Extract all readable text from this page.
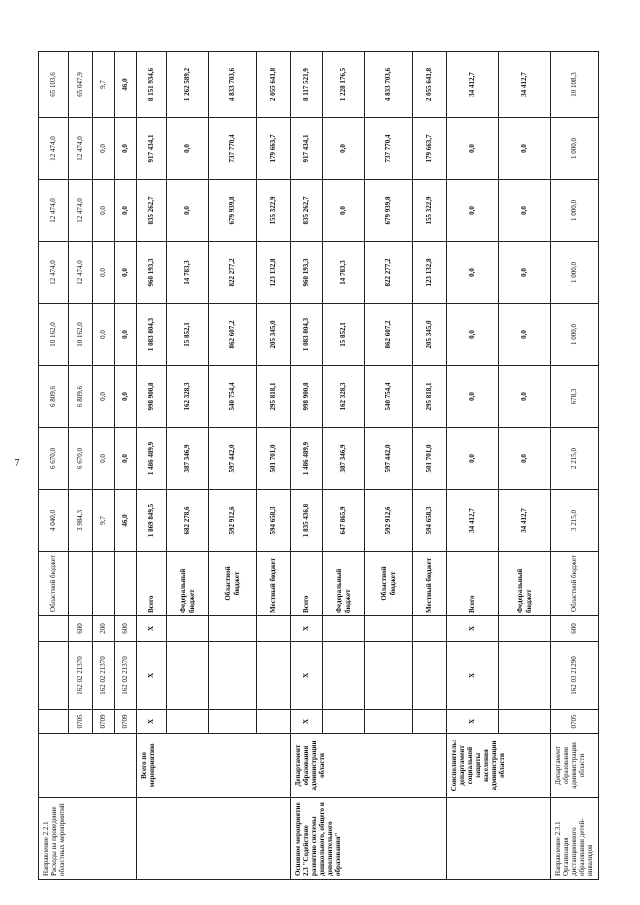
7
Направление 2.2.1 Расходы на проведение областных мероприятий					Областной бюджет	4 040,0	6 670,0	6 809,6	10 162,0	12 474,0	12 474,0	12 474,0	65 103,6
		0705	162 02 21370	600		3 984,3	6 670,0	6 809,6	10 162,0	12 474,0	12 474,0	12 474,0	65 047,9
		0709	162 02 21370	200		9,7	0,0	0,0	0,0	0,0	0,0	0,0	9,7
		0709	162 02 21370	600		46,0	0,0	0,0	0,0	0,0	0,0	0,0	46,0
	Всего по мероприятию	X	X	X	Всего	1 869 849,5	1 486 489,9	998 900,8	1 083 804,3	960 193,3	835 262,7	917 434,1	8 151 934,6
					Федеральный бюджет	682 278,6	387 346,9	162 328,3	15 852,1	14 783,3	0,0	0,0	1 262 589,2
					Областной бюджет	592 912,6	597 442,0	540 754,4	862 607,2	822 277,2	679 939,8	737 770,4	4 833 703,6
					Местный бюджет	594 658,3	501 701,0	295 818,1	205 345,0	123 132,8	155 322,9	179 663,7	2 055 641,8
Основное мероприятие 2.3 "Содействие развитию системы дошкольного, общего и дополнительного образования"	Департамент образования администрации области	X	X	X	Всего	1 835 436,8	1 486 489,9	998 900,8	1 083 804,3	960 193,3	835 262,7	917 434,1	8 117 521,9
					Федеральный бюджет	647 865,9	387 346,9	162 328,3	15 852,1	14 783,3	0,0	0,0	1 228 176,5
					Областной бюджет	592 912,6	597 442,0	540 754,4	862 607,2	822 277,2	679 939,8	737 770,4	4 833 703,6
					Местный бюджет	594 658,3	501 701,0	295 818,1	205 345,0	123 132,8	155 322,9	179 663,7	2 055 641,8
	Соисполнитель: департамент социальной защиты населения администрации области	X	X	X	Всего	34 412,7	0,0	0,0	0,0	0,0	0,0	0,0	34 412,7
					Федеральный бюджет	34 412,7	0,0	0,0	0,0	0,0	0,0	0,0	34 412,7
Направление 2.3.1 Организация дистанционного образования детей-инвалидов	Департамент образования администрации области	0705	162 03 21290	600	Областной бюджет	3 215,0	2 215,0	678,3	1 000,0	1 000,0	1 000,0	1 000,0	10 108,3
